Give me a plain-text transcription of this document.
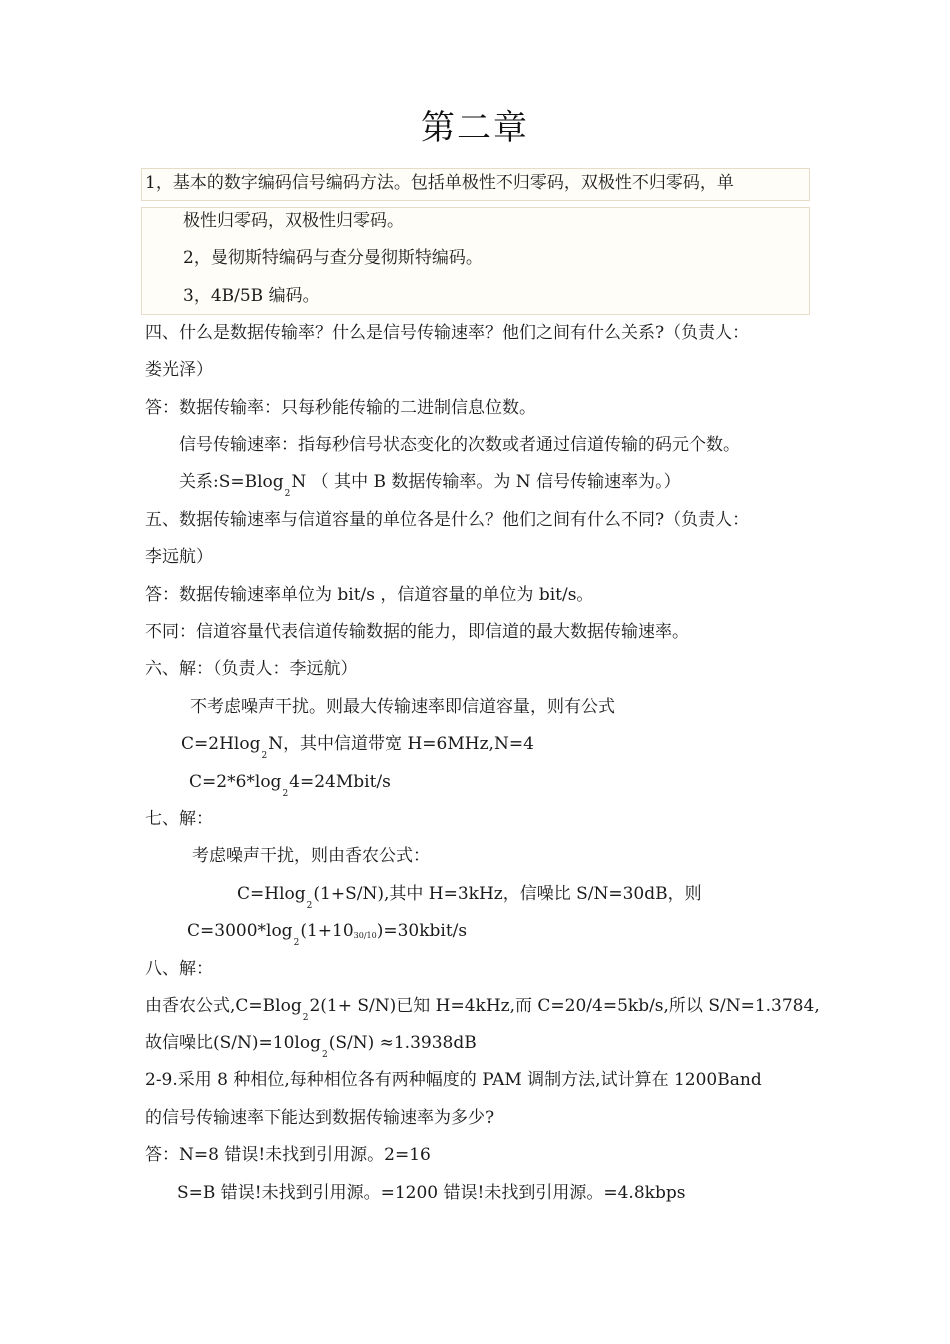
第二章
1，基本的数字编码信号编码方法。包括单极性不归零码，双极性不归零码，单
极性归零码，双极性归零码。
2，曼彻斯特编码与查分曼彻斯特编码。
3，4B/5B 编码。
四、什么是数据传输率？什么是信号传输速率？他们之间有什么关系?（负责人：
娄光泽）
答：数据传输率：只每秒能传输的二进制信息位数。
信号传输速率：指每秒信号状态变化的次数或者通过信道传输的码元个数。
关系:S=Blog$_2$N （ 其中 B 数据传输率。为 N 信号传输速率为。）
五、数据传输速率与信道容量的单位各是什么？他们之间有什么不同?（负责人：
李远航）
答：数据传输速率单位为 bit/s ，信道容量的单位为 bit/s。
不同：信道容量代表信道传输数据的能力，即信道的最大数据传输速率。
六、解：（负责人：李远航）
不考虑噪声干扰。则最大传输速率即信道容量，则有公式
C=2Hlog$_2$N，其中信道带宽 H=6MHz,N=4
$C=2*6*\log_24=24Mbit/s$
七、解：
考虑噪声干扰，则由香农公式：
C=Hlog$_2$(1+S/N),其中 H=3kHz，信噪比 S/N=30dB，则
$C=3000*\log_2(1+1030/10)=30kbit/s$
八、解：
由香农公式,C=Blog$_2$2(1+ S/N)已知 H=4kHz,而 C=20/4=5kb/s,所以 S/N=1.3784,
故信噪比$(S/N)=10\log_2(S/N) \approx 1.3938dB$
2-9.采用 8 种相位,每种相位各有两种幅度的 PAM 调制方法,试计算在 1200Band
的信号传输速率下能达到数据传输速率为多少?
答：N=8 错误!未找到引用源。2=16
S=B 错误!未找到引用源。=1200 错误!未找到引用源。=4.8kbps
